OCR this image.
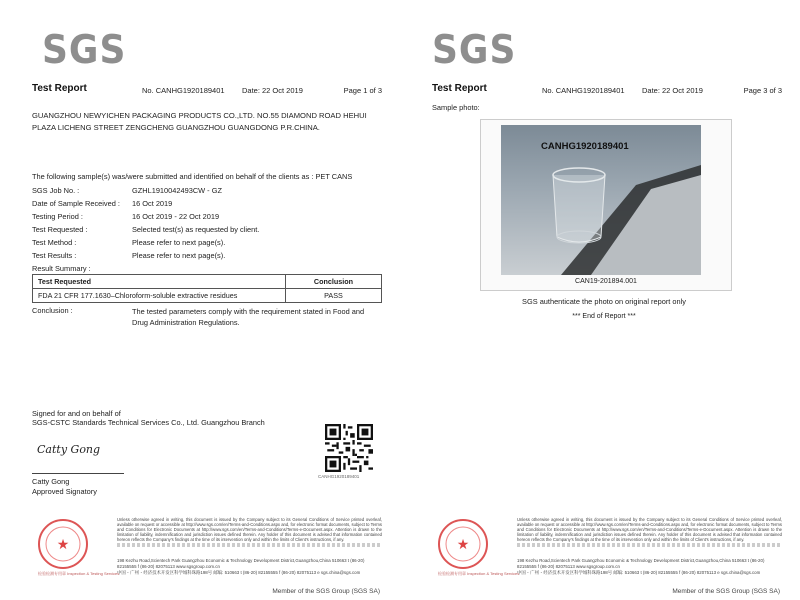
SGS
Test Report	No. CANHG1920189401 Date: 22 Oct 2019	Page 1 of 3
GUANGZHOU NEWYICHEN PACKAGING PRODUCTS CO.,LTD. NO.55 DIAMOND ROAD HEHUI PLAZA LICHENG STREET ZENGCHENG GUANGZHOU GUANGDONG P.R.CHINA.
The following sample(s) was/were submitted and identified on behalf of the clients as : PET CANS
SGS Job No. :	GZHL1910042493CW - GZ
Date of Sample Received : 16 Oct 2019
Testing Period :	16 Oct 2019 - 22 Oct 2019
Test Requested :	Selected test(s) as requested by client.
Test Method :	Please refer to next page(s).
Test Results :	Please refer to next page(s).
Result Summary :
Test Requested	Conclusion
FDA 21 CFR 177.1630–Chloroform-soluble extractive residues	PASS
Conclusion :	The tested parameters comply with the requirement stated in Food and Drug Administration Regulations.
Signed for and on behalf of
SGS-CSTC Standards Technical Services Co., Ltd. Guangzhou Branch
Catty Gong
Catty Gong
Approved Signatory
CANHG1920189401
★
检验检测专用章 Inspection & Testing Services
Unless otherwise agreed in writing, this document is issued by the Company subject to its General Conditions of Service printed overleaf, available on request or accessible at http://www.sgs.com/en/Terms-and-Conditions.aspx and, for electronic format documents, subject to Terms and Conditions for Electronic Documents at http://www.sgs.com/en/Terms-and-Conditions/Terms-e-Document.aspx. Attention is drawn to the limitation of liability, indemnification and jurisdiction issues defined therein. Any holder of this document is advised that information contained hereon reflects the Company's findings at the time of its intervention only and within the limits of Client's instructions, if any.
198 Kezhu Road,Scientech Park Guangzhou Economic & Technology Development District,Guangzhou,China 510663 t (86-20) 82155555 f (86-20) 82075113 www.sgsgroup.com.cn
中国・广州・经济技术开发区科学城科珠路198号 邮编: 510663 t (86-20) 82155555 f (86-20) 82075113 e sgs.china@sgs.com
Member of the SGS Group (SGS SA)
SGS
Test Report	No. CANHG1920189401 Date: 22 Oct 2019	Page 3 of 3
Sample photo:
CANHG1920189401
CAN19-201894.001
SGS authenticate the photo on original report only
*** End of Report ***
★
检验检测专用章 Inspection & Testing Services
Unless otherwise agreed in writing, this document is issued by the Company subject to its General Conditions of Service printed overleaf, available on request or accessible at http://www.sgs.com/en/Terms-and-Conditions.aspx and, for electronic format documents, subject to Terms and Conditions for Electronic Documents at http://www.sgs.com/en/Terms-and-Conditions/Terms-e-Document.aspx. Attention is drawn to the limitation of liability, indemnification and jurisdiction issues defined therein. Any holder of this document is advised that information contained hereon reflects the Company's findings at the time of its intervention only and within the limits of Client's instructions, if any.
198 Kezhu Road,Scientech Park Guangzhou Economic & Technology Development District,Guangzhou,China 510663 t (86-20) 82155555 f (86-20) 82075113 www.sgsgroup.com.cn
中国・广州・经济技术开发区科学城科珠路198号 邮编: 510663 t (86-20) 82155555 f (86-20) 82075113 e sgs.china@sgs.com
Member of the SGS Group (SGS SA)
